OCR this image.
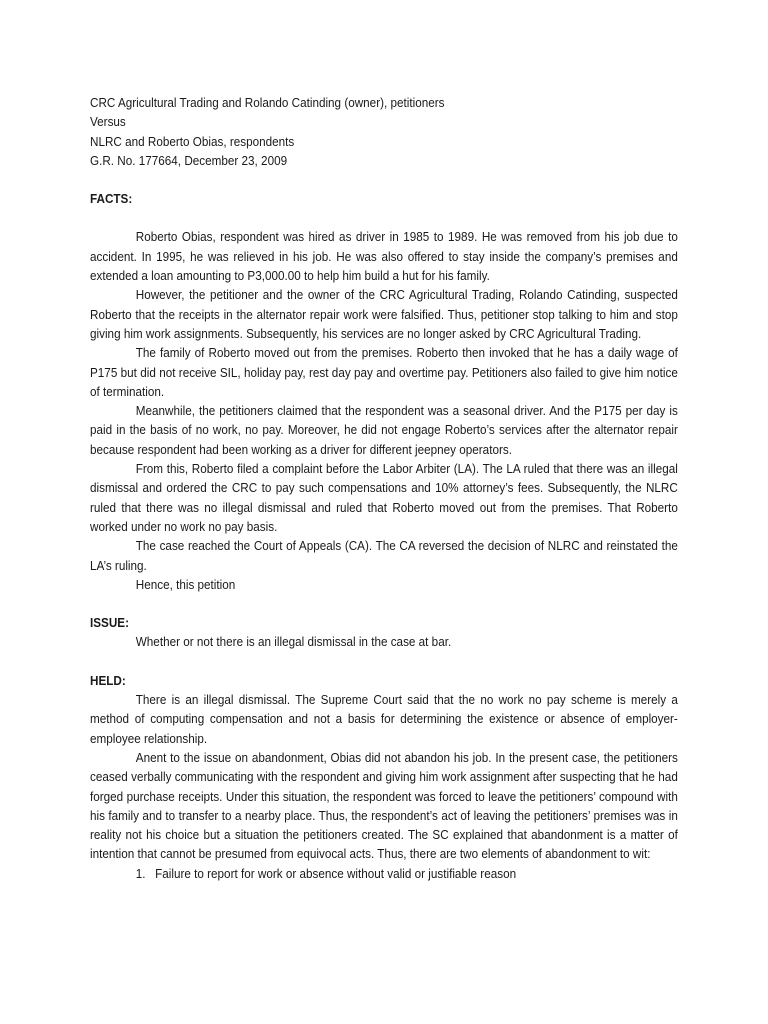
CRC Agricultural Trading and Rolando Catinding (owner), petitioners
Versus
NLRC and Roberto Obias, respondents
G.R. No. 177664, December 23, 2009
FACTS:

Roberto Obias, respondent was hired as driver in 1985 to 1989. He was removed from his job due to accident. In 1995, he was relieved in his job. He was also offered to stay inside the company’s premises and extended a loan amounting to P3,000.00 to help him build a hut for his family.

However, the petitioner and the owner of the CRC Agricultural Trading, Rolando Catinding, suspected Roberto that the receipts in the alternator repair work were falsified. Thus, petitioner stop talking to him and stop giving him work assignments. Subsequently, his services are no longer asked by CRC Agricultural Trading.

The family of Roberto moved out from the premises. Roberto then invoked that he has a daily wage of P175 but did not receive SIL, holiday pay, rest day pay and overtime pay. Petitioners also failed to give him notice of termination.

Meanwhile, the petitioners claimed that the respondent was a seasonal driver. And the P175 per day is paid in the basis of no work, no pay. Moreover, he did not engage Roberto’s services after the alternator repair because respondent had been working as a driver for different jeepney operators.

From this, Roberto filed a complaint before the Labor Arbiter (LA). The LA ruled that there was an illegal dismissal and ordered the CRC to pay such compensations and 10% attorney’s fees. Subsequently, the NLRC ruled that there was no illegal dismissal and ruled that Roberto moved out from the premises. That Roberto worked under no work no pay basis.

The case reached the Court of Appeals (CA). The CA reversed the decision of NLRC and reinstated the LA’s ruling.

Hence, this petition

ISSUE:

Whether or not there is an illegal dismissal in the case at bar.

HELD:

There is an illegal dismissal. The Supreme Court said that the no work no pay scheme is merely a method of computing compensation and not a basis for determining the existence or absence of employer-employee relationship.

Anent to the issue on abandonment, Obias did not abandon his job. In the present case, the petitioners ceased verbally communicating with the respondent and giving him work assignment after suspecting that he had forged purchase receipts. Under this situation, the respondent was forced to leave the petitioners’ compound with his family and to transfer to a nearby place. Thus, the respondent’s act of leaving the petitioners’ premises was in reality not his choice but a situation the petitioners created. The SC explained that abandonment is a matter of intention that cannot be presumed from equivocal acts. Thus, there are two elements of abandonment to wit:

1. Failure to report for work or absence without valid or justifiable reason
